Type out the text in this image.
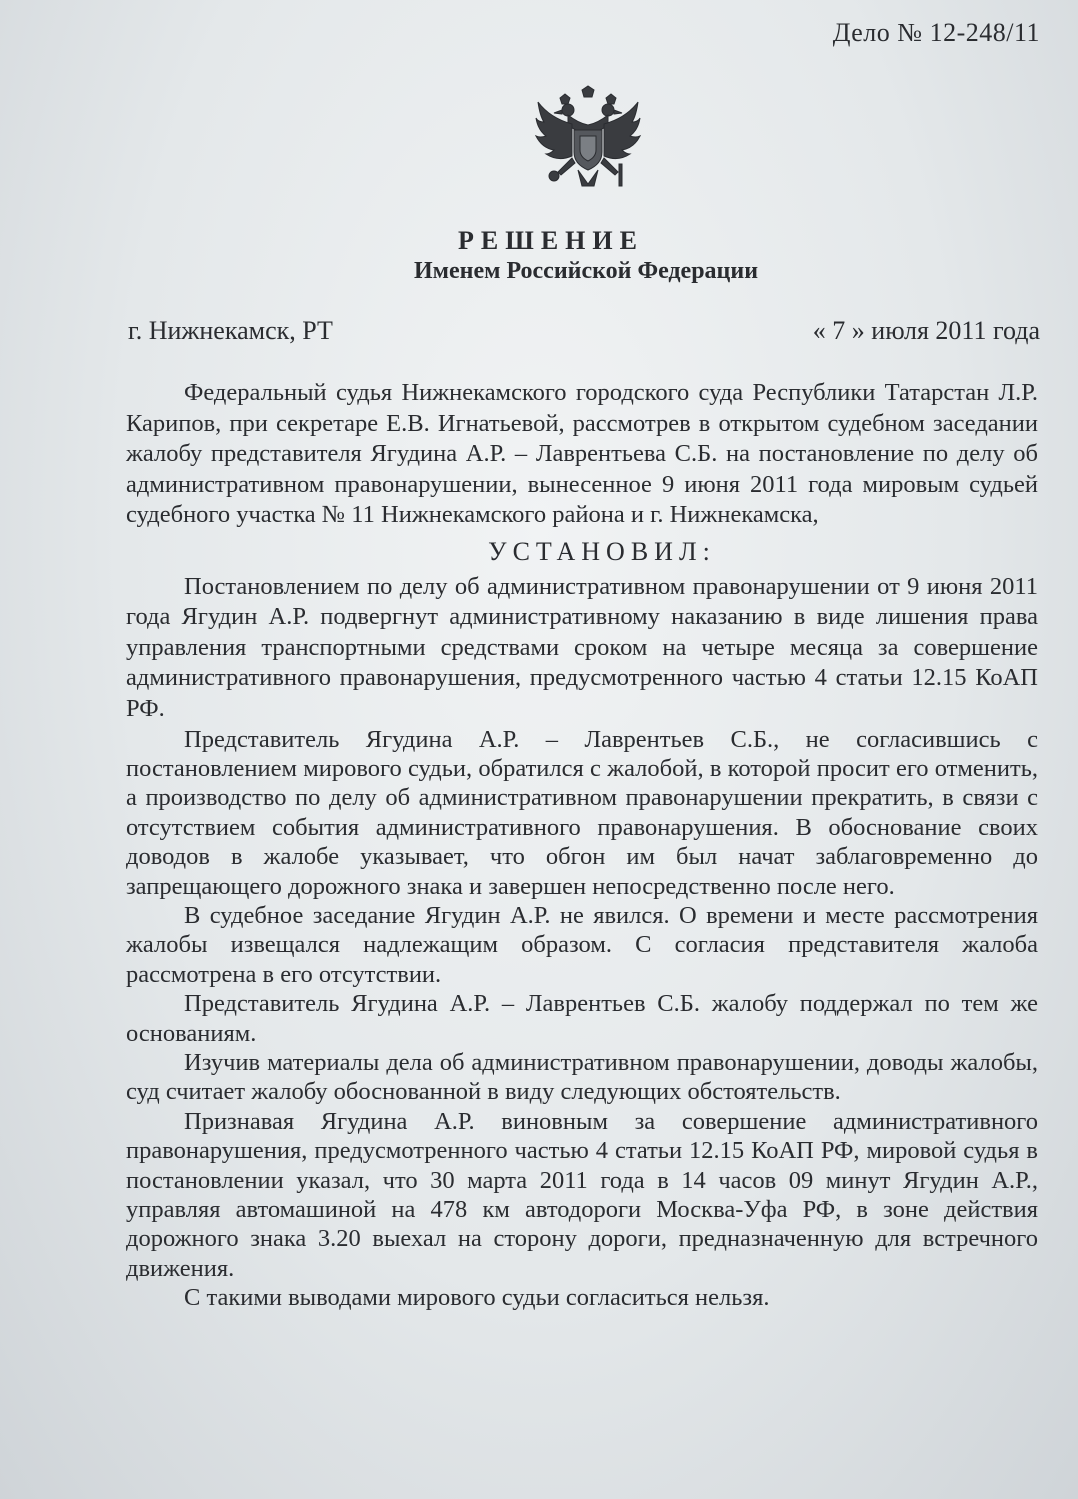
Дело № 12-248/11
РЕШЕНИЕ
Именем Российской Федерации
г. Нижнекамск, РТ	« 7 » июля 2011 года

Федеральный судья Нижнекамского городского суда Республики Татарстан Л.Р. Карипов, при секретаре Е.В. Игнатьевой, рассмотрев в открытом судебном заседании жалобу представителя Ягудина А.Р. – Лаврентьева С.Б. на постановление по делу об административном правонарушении, вынесенное 9 июня 2011 года мировым судьей судебного участка № 11 Нижнекамского района и г. Нижнекамска,

УСТАНОВИЛ:

Постановлением по делу об административном правонарушении от 9 июня 2011 года Ягудин А.Р. подвергнут административному наказанию в виде лишения права управления транспортными средствами сроком на четыре месяца за совершение административного правонарушения, предусмотренного частью 4 статьи 12.15 КоАП РФ.

Представитель Ягудина А.Р. – Лаврентьев С.Б., не согласившись с постановлением мирового судьи, обратился с жалобой, в которой просит его отменить, а производство по делу об административном правонарушении прекратить, в связи с отсутствием события административного правонарушения. В обоснование своих доводов в жалобе указывает, что обгон им был начат заблаговременно до запрещающего дорожного знака и завершен непосредственно после него.

В судебное заседание Ягудин А.Р. не явился. О времени и месте рассмотрения жалобы извещался надлежащим образом. С согласия представителя жалоба рассмотрена в его отсутствии.

Представитель Ягудина А.Р. – Лаврентьев С.Б. жалобу поддержал по тем же основаниям.

Изучив материалы дела об административном правонарушении, доводы жалобы, суд считает жалобу обоснованной в виду следующих обстоятельств.

Признавая Ягудина А.Р. виновным за совершение административного правонарушения, предусмотренного частью 4 статьи 12.15 КоАП РФ, мировой судья в постановлении указал, что 30 марта 2011 года в 14 часов 09 минут Ягудин А.Р., управляя автомашиной на 478 км автодороги Москва-Уфа РФ, в зоне действия дорожного знака 3.20 выехал на сторону дороги, предназначенную для встречного движения.

С такими выводами мирового судьи согласиться нельзя.
